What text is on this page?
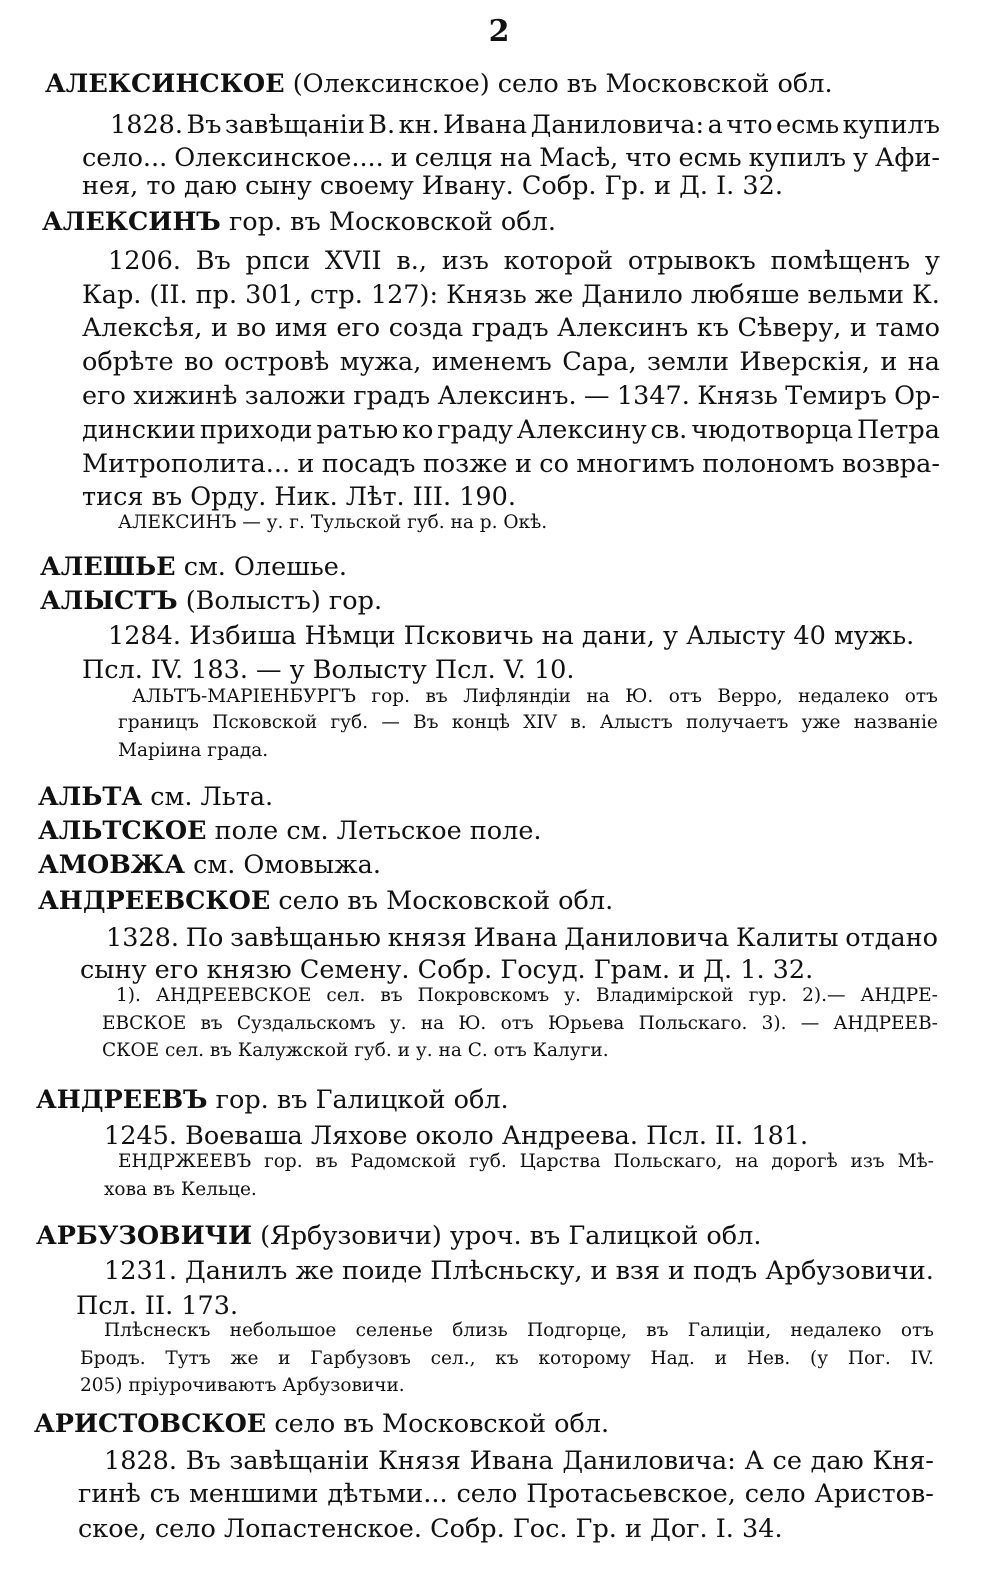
2
АЛЕКСИНСКОЕ (Олексинское) село въ Московской обл.
1828. Въ завѣщаніи В. кн. Ивана Даниловича: а что есмь купилъ
село... Олексинское.... и селця на Масѣ, что есмь купилъ у Афи-
нея, то даю сыну своему Ивану. Собр. Гр. и Д. I. 32.
АЛЕКСИНЪ гор. въ Московской обл.
1206. Въ рпси XVII в., изъ которой отрывокъ помѣщенъ у
Кар. (II. пр. 301, стр. 127): Князь же Данило любяше вельми К.
Алексѣя, и во имя его созда градъ Алексинъ къ Сѣверу, и тамо
обрѣте во островѣ мужа, именемъ Сара, земли Иверскія, и на
его хижинѣ заложи градъ Алексинъ. — 1347. Князь Темиръ Ор-
динскии приходи ратью ко граду Алексину св. чюдотворца Петра
Митрополита... и посадъ позже и со многимъ полономъ возвра-
тися въ Орду. Ник. Лѣт. III. 190.
АЛЕКСИНЪ — у. г. Тульской губ. на р. Окѣ.
АЛЕШЬЕ см. Олешье.
АЛЫСТЪ (Волыстъ) гор.
1284. Избиша Нѣмци Псковичь на дани, у Алысту 40 мужь.
Псл. IV. 183. — у Волысту Псл. V. 10.
АЛЬТЪ-МАРІЕНБУРГЪ гор. въ Лифляндіи на Ю. отъ Верро, недалеко отъ
границъ Псковской губ. — Въ концѣ XIV в. Алыстъ получаетъ уже названіе
Маріина града.
АЛЬТА см. Льта.
АЛЬТСКОЕ поле см. Летьское поле.
АМОВЖА см. Омовыжа.
АНДРЕЕВСКОЕ село въ Московской обл.
1328. По завѣщанью князя Ивана Даниловича Калиты отдано
сыну его князю Семену. Собр. Госуд. Грам. и Д. 1. 32.
1). АНДРЕЕВСКОЕ сел. въ Покровскомъ у. Владимірской гур. 2).— АНДРЕ-
ЕВСКОЕ въ Суздальскомъ у. на Ю. отъ Юрьева Польскаго. 3). — АНДРЕЕВ-
СКОЕ сел. въ Калужской губ. и у. на С. отъ Калуги.
АНДРЕЕВЪ гор. въ Галицкой обл.
1245. Воеваша Ляхове около Андреева. Псл. II. 181.
ЕНДРЖЕЕВЪ гор. въ Радомской губ. Царства Польскаго, на дорогѣ изъ Мѣ-
хова въ Кельце.
АРБУЗОВИЧИ (Ярбузовичи) уроч. въ Галицкой обл.
1231. Данилъ же поиде Плѣсньску, и взя и подъ Арбузовичи.
Псл. II. 173.
Плѣснескъ небольшое селенье близь Подгорце, въ Галиціи, недалеко отъ
Бродъ. Тутъ же и Гарбузовъ сел., къ которому Над. и Нев. (у Пог. IV.
205) пріурочиваютъ Арбузовичи.
АРИСТОВСКОЕ село въ Московской обл.
1828. Въ завѣщаніи Князя Ивана Даниловича: А се даю Кня-
гинѣ съ меншими дѣтьми... село Протасьевское, село Аристов-
ское, село Лопастенское. Собр. Гос. Гр. и Дог. I. 34.
